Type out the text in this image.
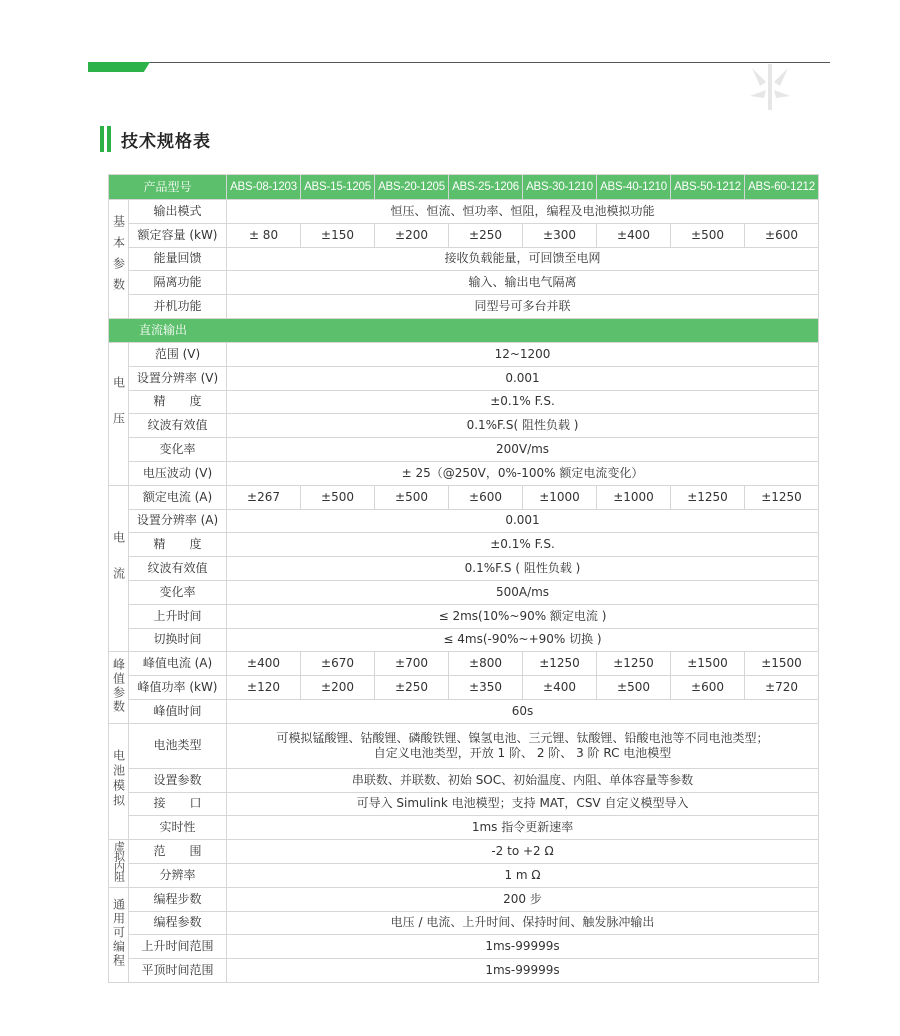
技术规格表
产品型号		ABS-08-1203	ABS-15-1205	ABS-20-1205	ABS-25-1206	ABS-30-1210	ABS-40-1210	ABS-50-1212	ABS-60-1212
基本参数	输出模式	恒压、恒流、恒功率、恒阻，编程及电池模拟功能							
	额定容量 (kW)	± 80	±150	±200	±250	±300	±400	±500	±600
	能量回馈	接收负载能量，可回馈至电网							
	隔离功能	输入、输出电气隔离							
	并机功能	同型号可多台并联							
直流输出									
电压	范围 (V)	12~1200							
	设置分辨率 (V)	0.001							
	精　　度	±0.1% F.S.							
	纹波有效值	0.1%F.S( 阻性负载 )							
	变化率	200V/ms							
	电压波动 (V)	± 25（@250V，0%-100% 额定电流变化）							
电流	额定电流 (A)	±267	±500	±500	±600	±1000	±1000	±1250	±1250
	设置分辨率 (A)	0.001							
	精　　度	±0.1% F.S.							
	纹波有效值	0.1%F.S ( 阻性负载 )							
	变化率	500A/ms							
	上升时间	≤ 2ms(10%~90% 额定电流 )							
	切换时间	≤ 4ms(-90%~+90% 切换 )							
峰值参数	峰值电流 (A)	±400	±670	±700	±800	±1250	±1250	±1500	±1500
	峰值功率 (kW)	±120	±200	±250	±350	±400	±500	±600	±720
	峰值时间	60s							
电池模拟	电池类型	可模拟锰酸锂、钴酸锂、磷酸铁锂、镍氢电池、三元锂、钛酸锂、铅酸电池等不同电池类型；
自定义电池类型，开放 1 阶、 2 阶、 3 阶 RC 电池模型							

	设置参数	串联数、并联数、初始 SOC、初始温度、内阻、单体容量等参数							
	接　　口	可导入 Simulink 电池模型；支持 MAT，CSV 自定义模型导入							
	实时性	1ms 指令更新速率							
虚拟内阻	范　　围	-2 to +2 Ω							
	分辨率	1 m Ω							
通用可编程	编程步数	200 步							
	编程参数	电压 / 电流、上升时间、保持时间、触发脉冲输出							
	上升时间范围	1ms-99999s							
	平顶时间范围	1ms-99999s							
